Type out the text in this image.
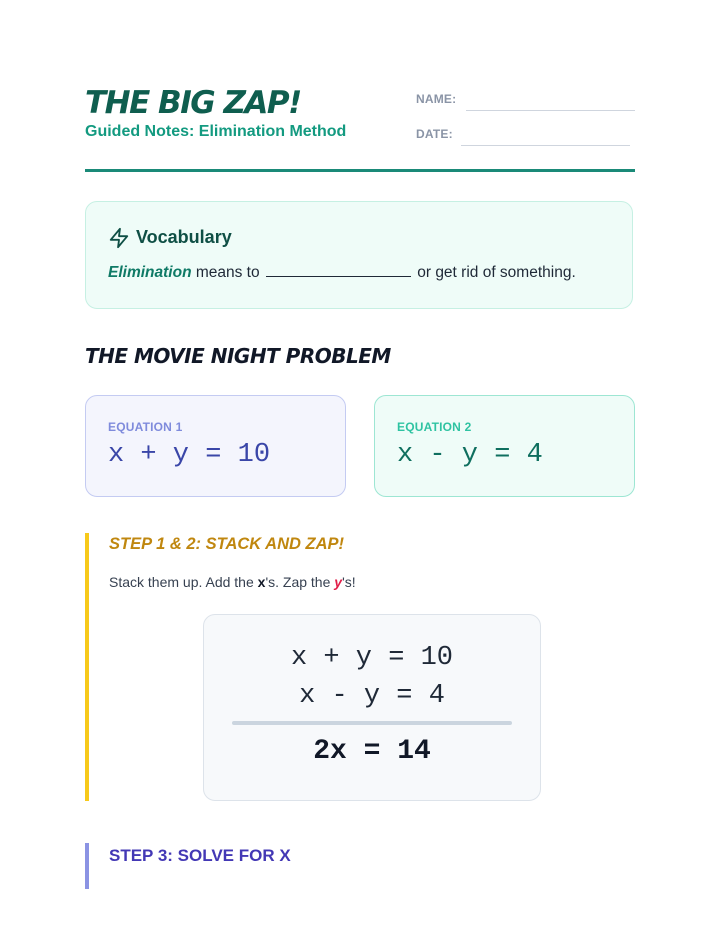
THE BIG ZAP!
Guided Notes: Elimination Method
NAME:
DATE:
Vocabulary
Elimination means to	or get rid of something.
THE MOVIE NIGHT PROBLEM
EQUATION 1
x + y = 10
EQUATION 2
x - y = 4
STEP 1 & 2: STACK AND ZAP!
Stack them up. Add the x's. Zap the y's!
x + y = 10
x - y = 4
2x = 14
STEP 3: SOLVE FOR X
